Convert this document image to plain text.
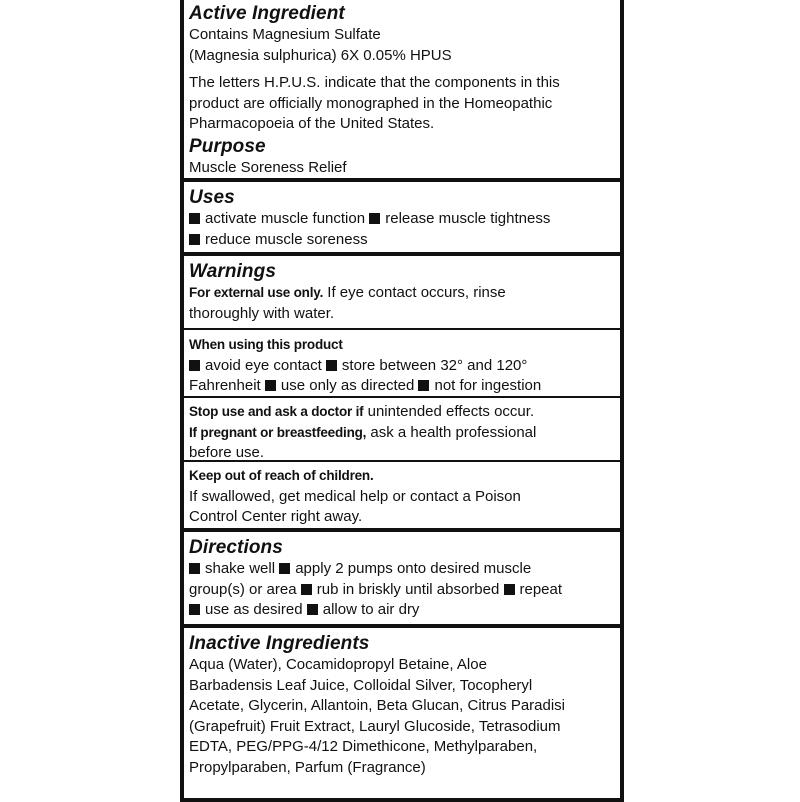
Active Ingredient

Contains Magnesium Sulfate

(Magnesia sulphurica) 6X 0.05% HPUS

The letters H.P.U.S. indicate that the components in this

product are officially monographed in the Homeopathic

Pharmacopoeia of the United States.

Purpose

Muscle Soreness Relief

Uses

activate muscle function release muscle tightness

reduce muscle soreness

Warnings

For external use only. If eye contact occurs, rinse

thoroughly with water.

When using this product

avoid eye contact store between 32° and 120°

Fahrenheit use only as directed not for ingestion

Stop use and ask a doctor if unintended effects occur.

If pregnant or breastfeeding, ask a health professional

before use.

Keep out of reach of children.

If swallowed, get medical help or contact a Poison

Control Center right away.

Directions

shake well apply 2 pumps onto desired muscle

group(s) or area rub in briskly until absorbed repeat

use as desired allow to air dry

Inactive Ingredients

Aqua (Water), Cocamidopropyl Betaine, Aloe

Barbadensis Leaf Juice, Colloidal Silver, Tocopheryl

Acetate, Glycerin, Allantoin, Beta Glucan, Citrus Paradisi

(Grapefruit) Fruit Extract, Lauryl Glucoside, Tetrasodium

EDTA, PEG/PPG-4/12 Dimethicone, Methylparaben,

Propylparaben, Parfum (Fragrance)
